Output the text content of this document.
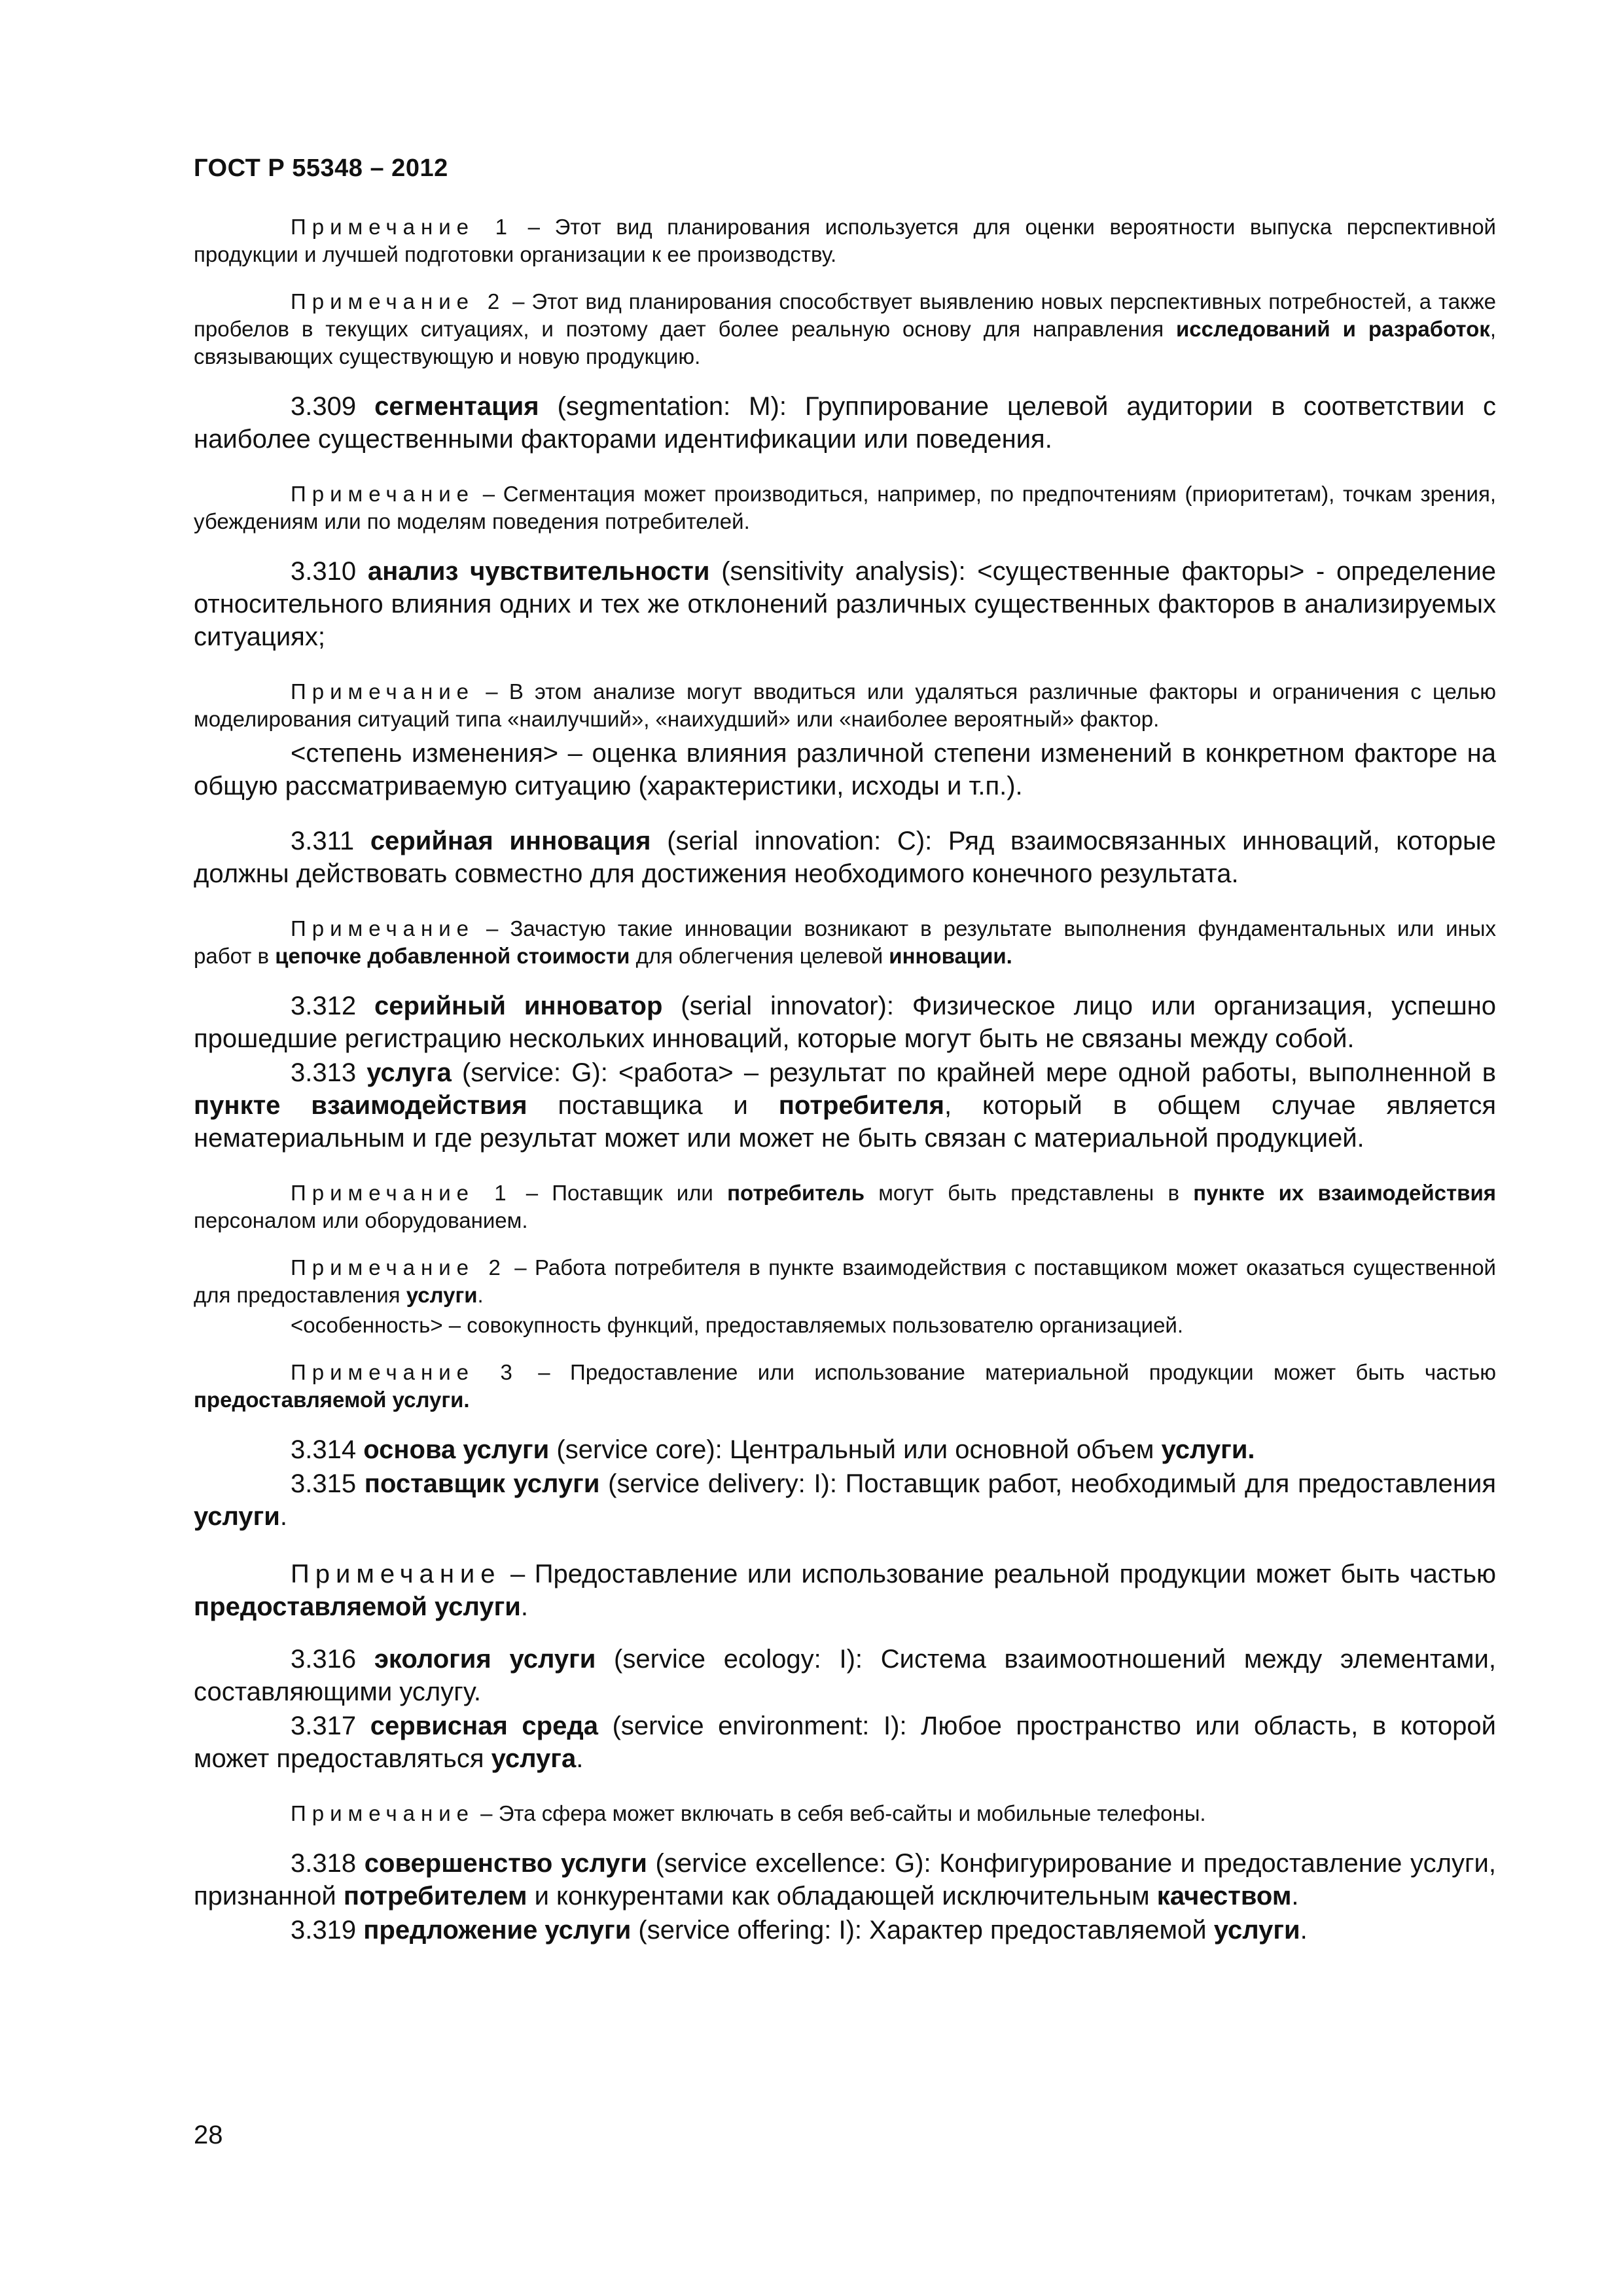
ГОСТ Р 55348 – 2012

Примечание 1 – Этот вид планирования используется для оценки вероятности выпуска перспективной продукции и лучшей подготовки организации к ее производству.

Примечание 2 – Этот вид планирования способствует выявлению новых перспективных потребностей, а также пробелов в текущих ситуациях, и поэтому дает более реальную основу для направления исследований и разработок, связывающих существующую и новую продукцию.

3.309 сегментация (segmentation: M): Группирование целевой аудитории в соответствии с наиболее существенными факторами идентификации или поведения.

Примечание – Сегментация может производиться, например, по предпочтениям (приоритетам), точкам зрения, убеждениям или по моделям поведения потребителей.

3.310 анализ чувствительности (sensitivity analysis): <существенные факторы> - определение относительного влияния одних и тех же отклонений различных существенных факторов в анализируемых ситуациях;

Примечание – В этом анализе могут вводиться или удаляться различные факторы и ограничения с целью моделирования ситуаций типа «наилучший», «наихудший» или «наиболее вероятный» фактор.

<степень изменения> – оценка влияния различной степени изменений в конкретном факторе на общую рассматриваемую ситуацию (характеристики, исходы и т.п.).

3.311 серийная инновация (serial innovation: C): Ряд взаимосвязанных инноваций, которые должны действовать совместно для достижения необходимого конечного результата.

Примечание – Зачастую такие инновации возникают в результате выполнения фундаментальных или иных работ в цепочке добавленной стоимости для облегчения целевой инновации.

3.312 серийный инноватор (serial innovator): Физическое лицо или организация, успешно прошедшие регистрацию нескольких инноваций, которые могут быть не связаны между собой.

3.313 услуга (service: G): <работа> – результат по крайней мере одной работы, выполненной в пункте взаимодействия поставщика и потребителя, который в общем случае является нематериальным и где результат может или может не быть связан с материальной продукцией.

Примечание 1 – Поставщик или потребитель могут быть представлены в пункте их взаимодействия персоналом или оборудованием.

Примечание 2 – Работа потребителя в пункте взаимодействия с поставщиком может оказаться существенной для предоставления услуги.

<особенность> – совокупность функций, предоставляемых пользователю организацией.

Примечание 3 – Предоставление или использование материальной продукции может быть частью предоставляемой услуги.

3.314 основа услуги (service core): Центральный или основной объем услуги.

3.315 поставщик услуги (service delivery: I): Поставщик работ, необходимый для предоставления услуги.

Примечание – Предоставление или использование реальной продукции может быть частью предоставляемой услуги.

3.316 экология услуги (service ecology: I): Система взаимоотношений между элементами, составляющими услугу.

3.317 сервисная среда (service environment: I): Любое пространство или область, в которой может предоставляться услуга.

Примечание – Эта сфера может включать в себя веб-сайты и мобильные телефоны.

3.318 совершенство услуги (service excellence: G): Конфигурирование и предоставление услуги, признанной потребителем и конкурентами как обладающей исключительным качеством.

3.319 предложение услуги (service offering: I): Характер предоставляемой услуги.

28
